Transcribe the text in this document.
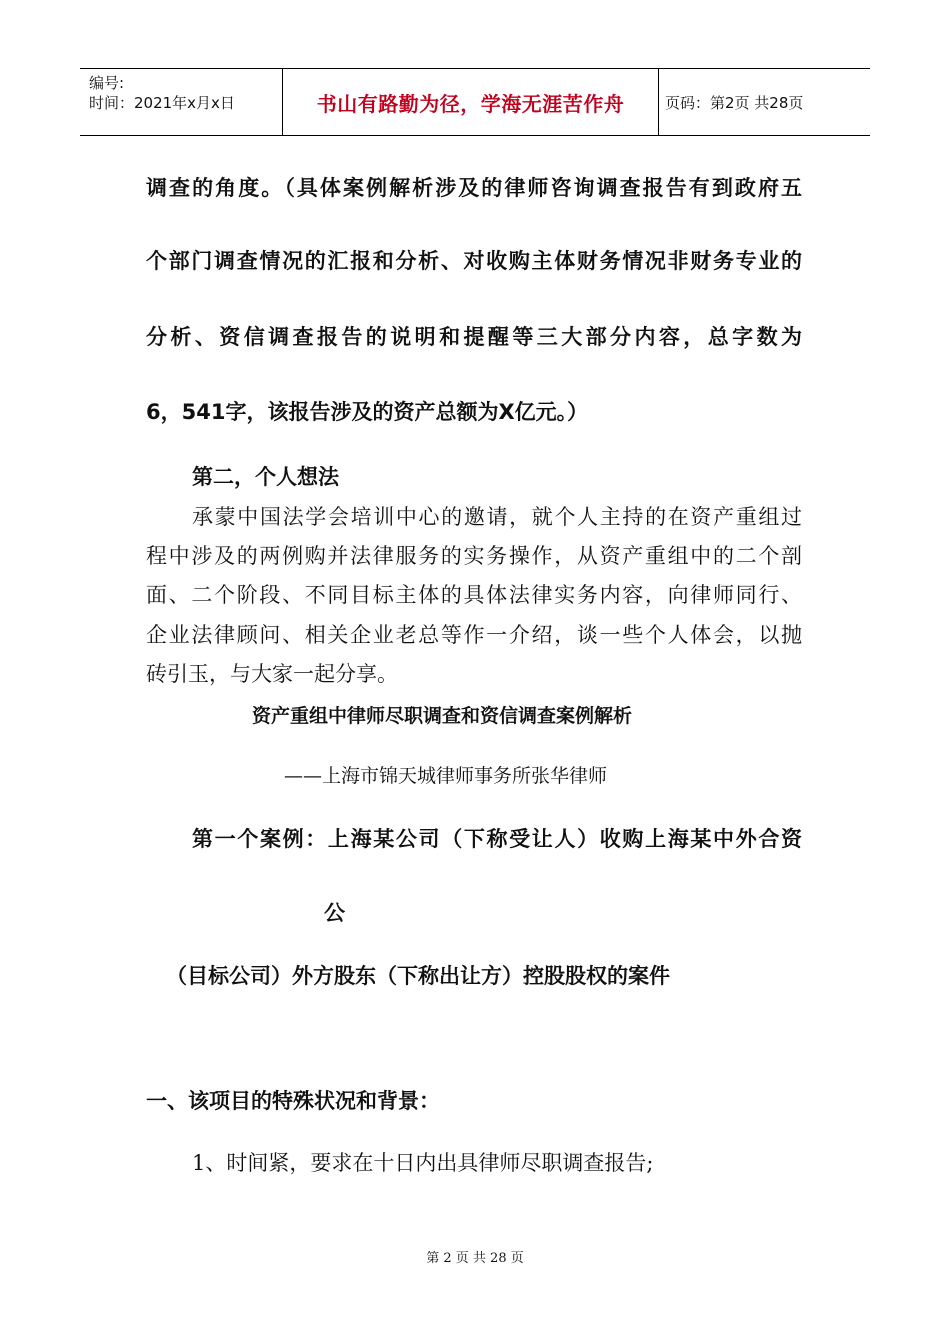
编号:
时间：2021年x月x日	书山有路勤为径，学海无涯苦作舟	页码：第2页 共28页
调查的角度。（具体案例解析涉及的律师咨询调查报告有到政府五
个部门调查情况的汇报和分析、对收购主体财务情况非财务专业的
分析、资信调查报告的说明和提醒等三大部分内容，总字数为
6，541字，该报告涉及的资产总额为X亿元。）
第二，个人想法
承蒙中国法学会培训中心的邀请，就个人主持的在资产重组过
程中涉及的两例购并法律服务的实务操作，从资产重组中的二个剖
面、二个阶段、不同目标主体的具体法律实务内容，向律师同行、
企业法律顾问、相关企业老总等作一介绍，谈一些个人体会，以抛
砖引玉，与大家一起分享。
资产重组中律师尽职调查和资信调查案例解析
——上海市锦天城律师事务所张华律师
第一个案例：上海某公司（下称受让人）收购上海某中外合资
公
（目标公司）外方股东（下称出让方）控股股权的案件
一、该项目的特殊状况和背景：
1、时间紧，要求在十日内出具律师尽职调查报告;
第 2 页 共 28 页
